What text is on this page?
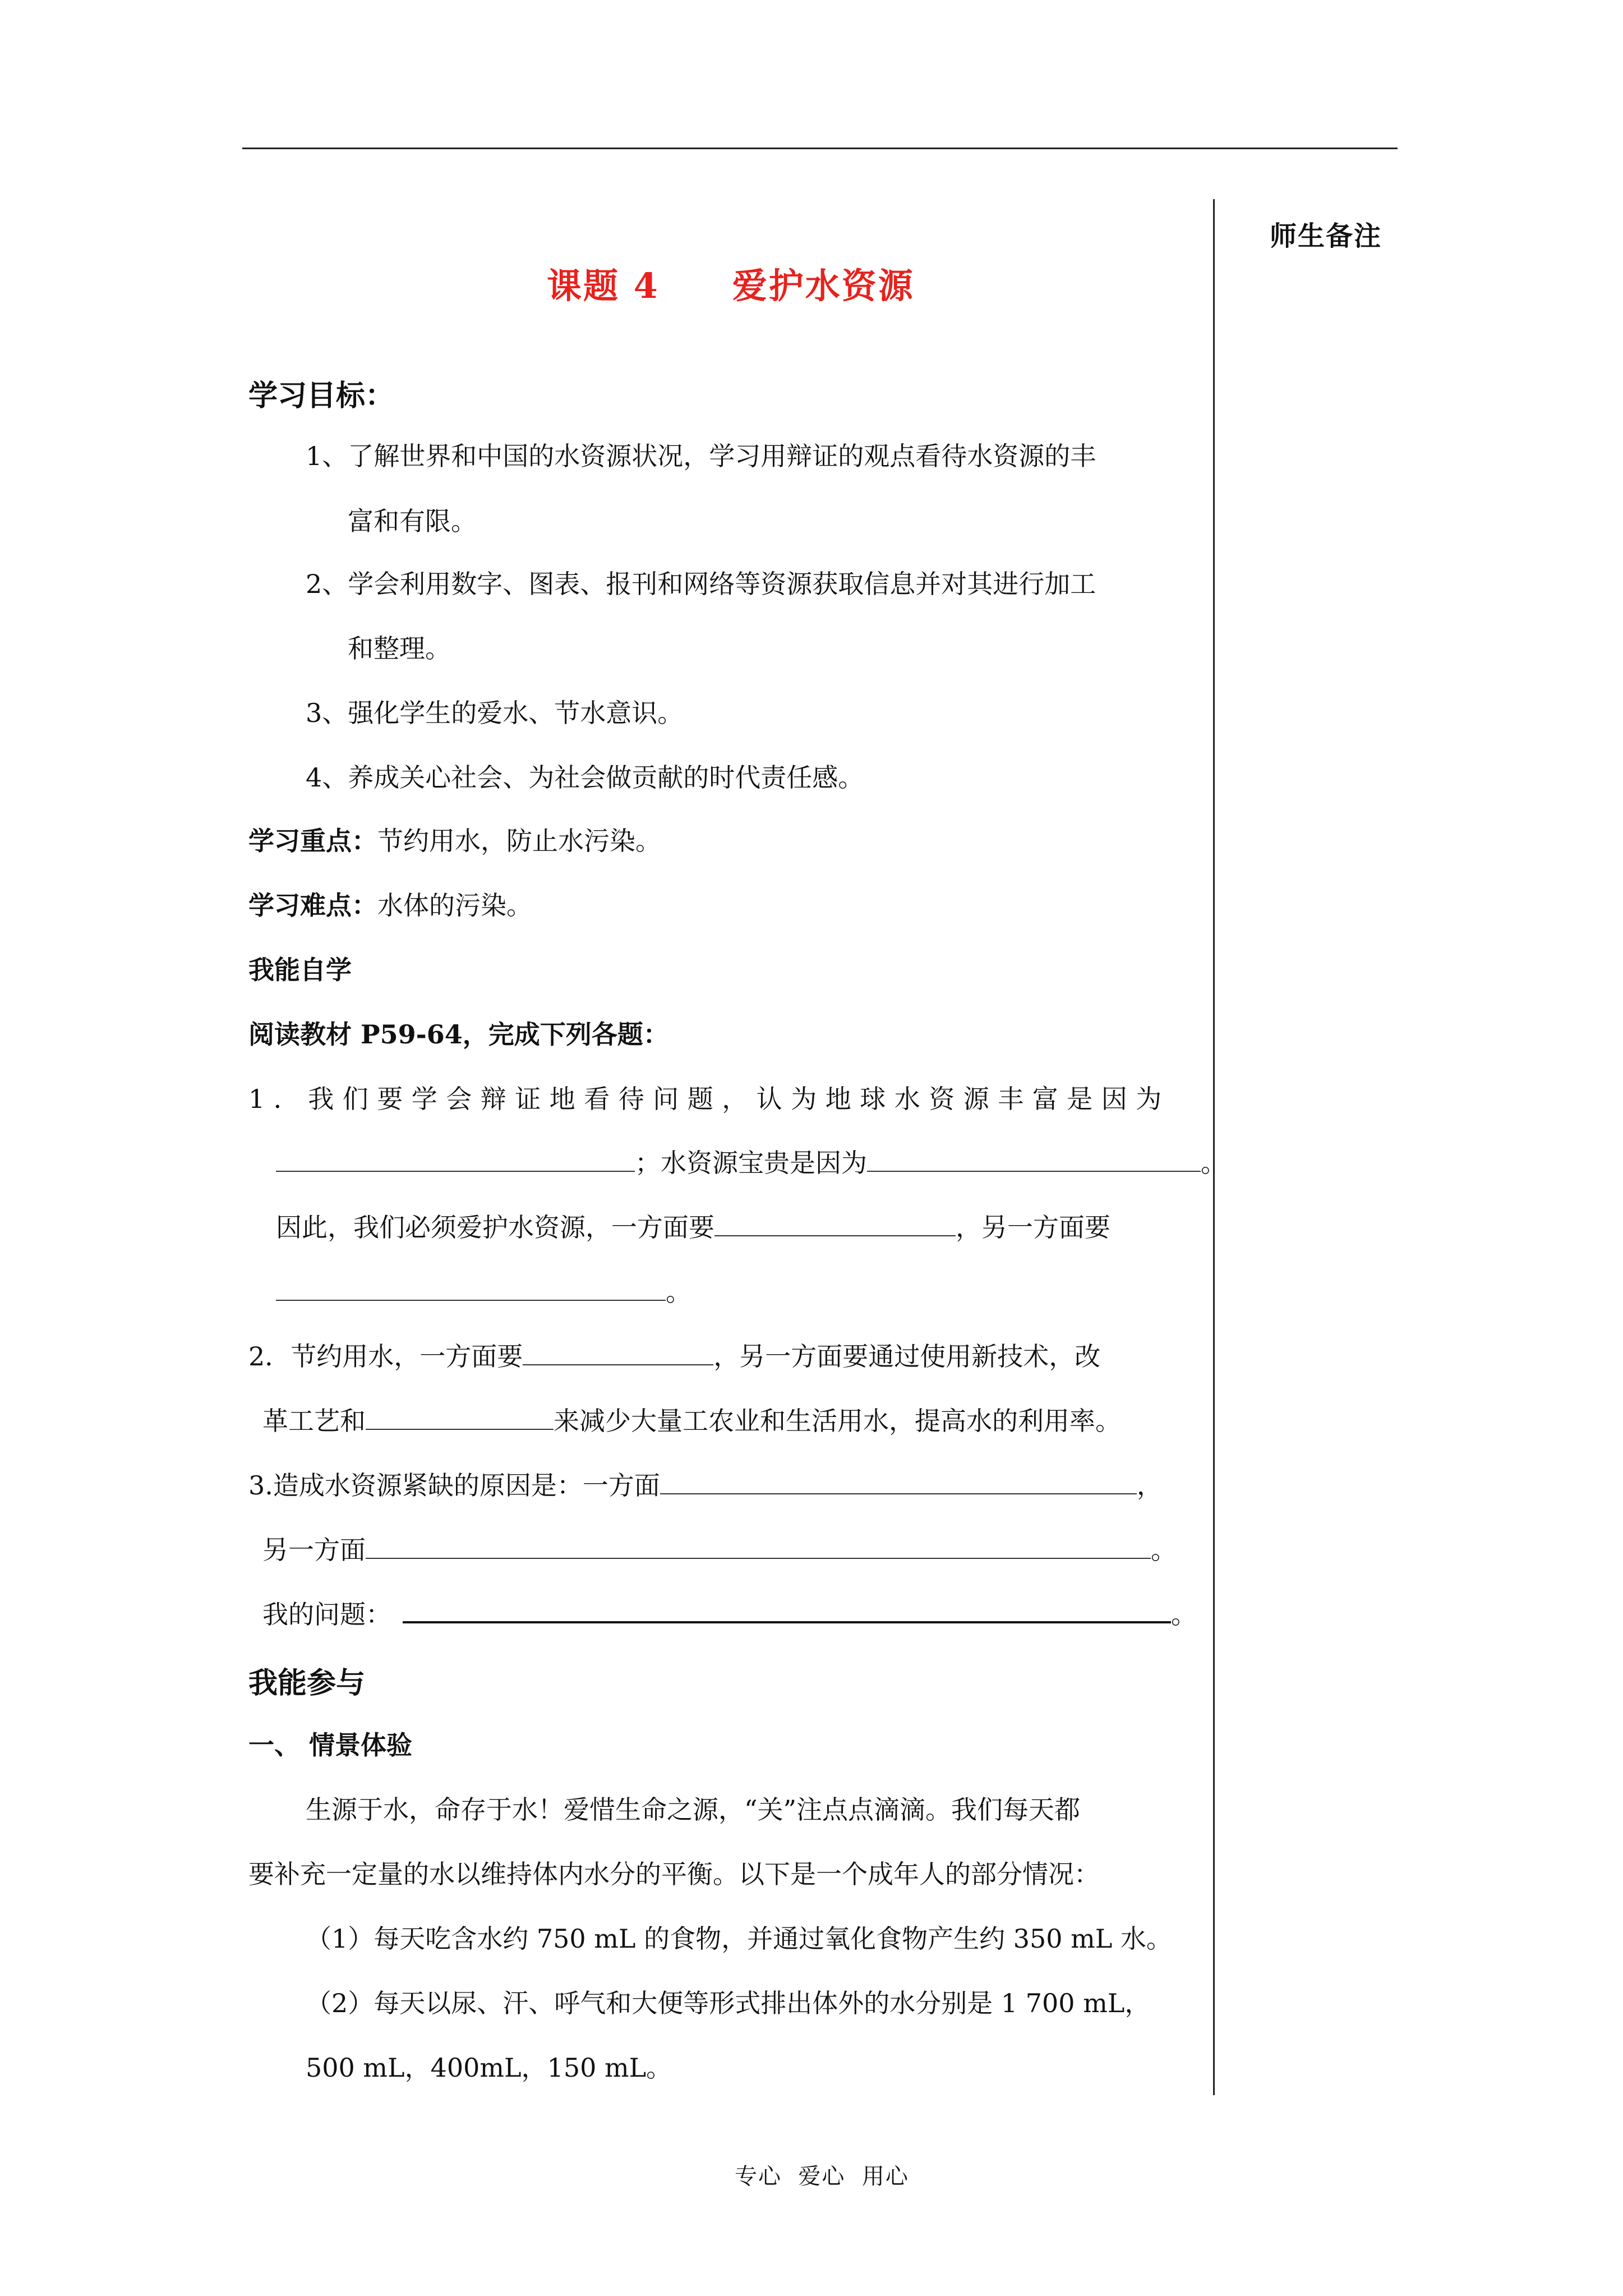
师生备注
课题 4　　爱护水资源
学习目标：
1、了解世界和中国的水资源状况，学习用辩证的观点看待水资源的丰
富和有限。
2、学会利用数字、图表、报刊和网络等资源获取信息并对其进行加工
和整理。
3、强化学生的爱水、节水意识。
4、养成关心社会、为社会做贡献的时代责任感。
学习重点：节约用水，防止水污染。
学习难点：水体的污染。
我能自学
阅读教材 P59-64，完成下列各题：
1．我们要学会辩证地看待问题，认为地球水资源丰富是因为
；水资源宝贵是因为	。
因此，我们必须爱护水资源，一方面要	，另一方面要
。
2．节约用水，一方面要	，另一方面要通过使用新技术，改
革工艺和	来减少大量工农业和生活用水，提高水的利用率。
3.造成水资源紧缺的原因是：一方面	，
另一方面	。
我的问题：	。
我能参与
一、 情景体验
生源于水，命存于水！爱惜生命之源，“关”注点点滴滴。我们每天都
要补充一定量的水以维持体内水分的平衡。以下是一个成年人的部分情况：
（1）每天吃含水约 750 mL 的食物，并通过氧化食物产生约 350 mL 水。
（2）每天以尿、汗、呼气和大便等形式排出体外的水分别是 1 700 mL，
500 mL，400mL，150 mL。
专心  爱心  用心
